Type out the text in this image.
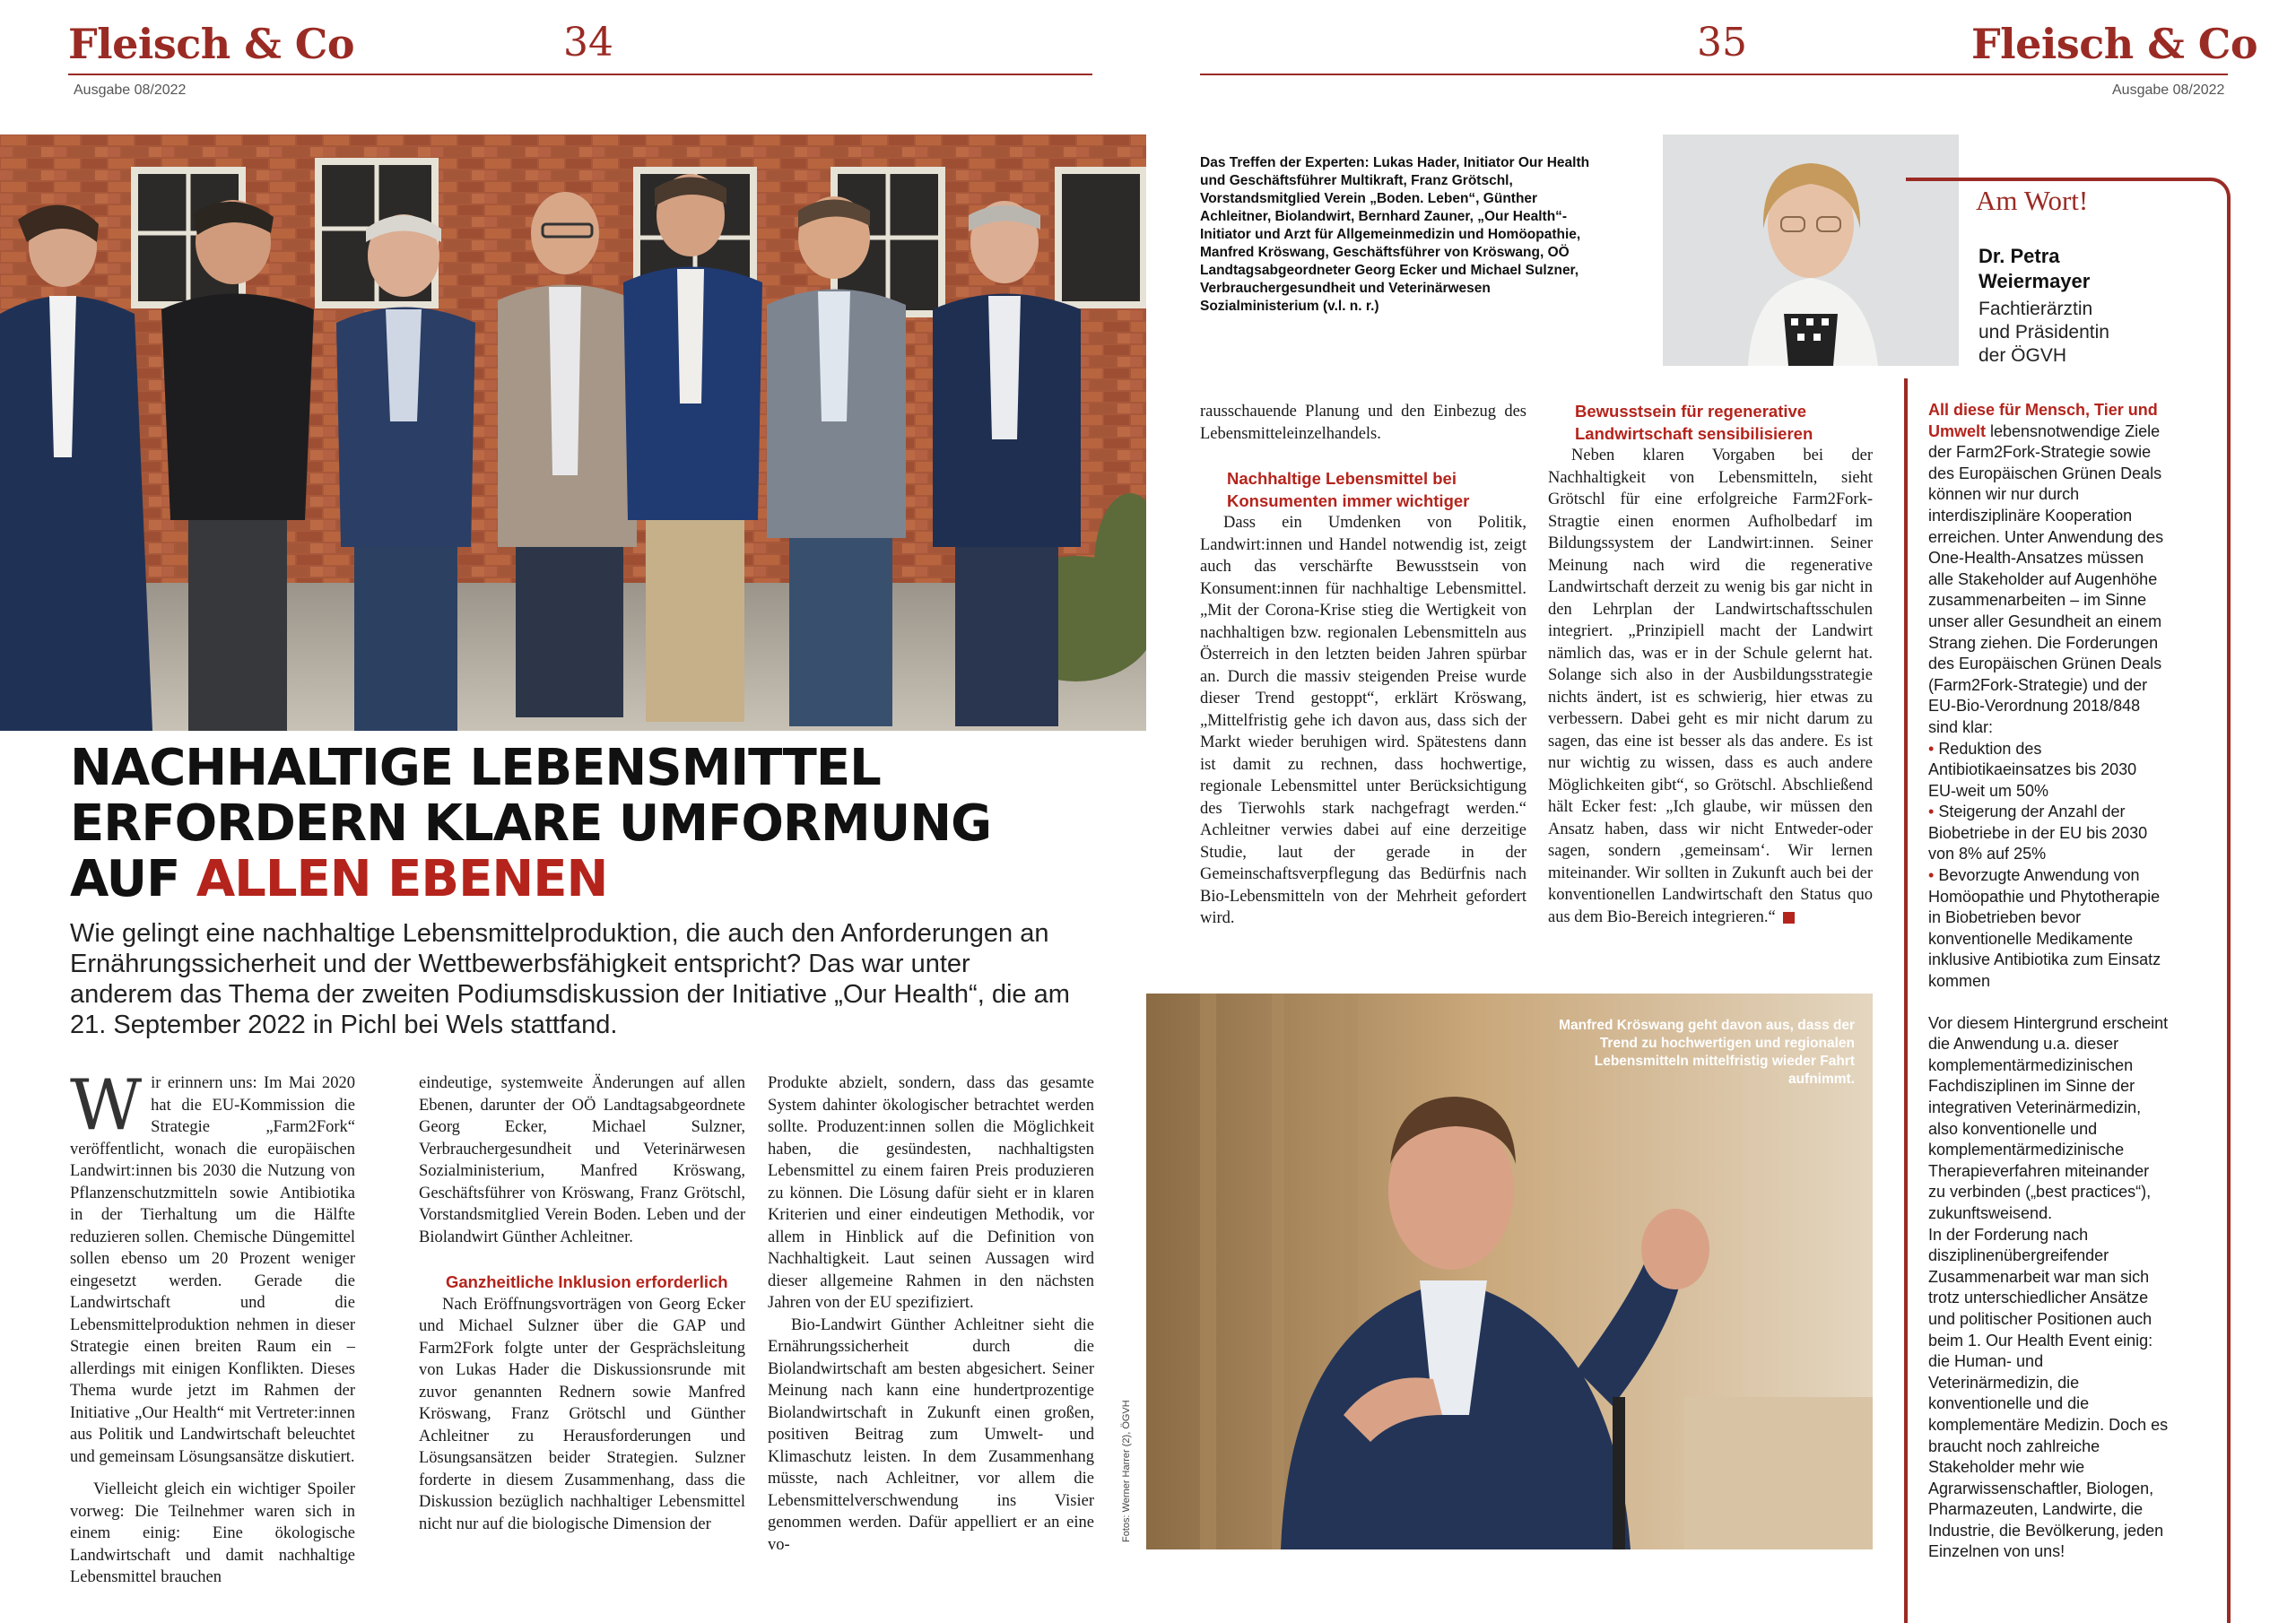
Fleisch & Co	34
Ausgabe 08/2022
35	Fleisch & Co
Ausgabe 08/2022
NACHHALTIGE LEBENSMITTEL
ERFORDERN KLARE UMFORMUNG
AUF ALLEN EBENEN
Wie gelingt eine nachhaltige Lebensmittelproduktion, die auch den Anforderungen an Ernährungssicherheit und der Wettbewerbsfähigkeit entspricht? Das war unter anderem das Thema der zweiten Podiumsdiskussion der Initiative „Our Health“, die am 21. September 2022 in Pichl bei Wels stattfand.

Wir erinnern uns: Im Mai 2020 hat die EU-Kommission die Strategie „Farm2Fork“ veröffentlicht, wonach die europäischen Landwirt:innen bis 2030 die Nutzung von Pflanzenschutzmitteln sowie Antibiotika in der Tierhaltung um die Hälfte reduzieren sollen. Chemische Düngemittel sollen ebenso um 20 Prozent weniger eingesetzt werden. Gerade die Landwirtschaft und die Lebensmittelproduktion nehmen in dieser Strategie einen breiten Raum ein – allerdings mit einigen Konflikten. Dieses Thema wurde jetzt im Rahmen der Initiative „Our Health“ mit Vertreter:innen aus Politik und Landwirtschaft beleuchtet und gemeinsam Lösungsansätze diskutiert.

Vielleicht gleich ein wichtiger Spoiler vorweg: Die Teilnehmer waren sich in einem einig: Eine ökologische Landwirtschaft und damit nachhaltige Lebensmittel brauchen

eindeutige, systemweite Änderungen auf allen Ebenen, darunter der OÖ Landtagsabgeordnete Georg Ecker, Michael Sulzner, Verbrauchergesundheit und Veterinärwesen Sozialministerium, Manfred Kröswang, Geschäftsführer von Kröswang, Franz Grötschl, Vorstandsmitglied Verein Boden. Leben und der Biolandwirt Günther Achleitner.

Ganzheitliche Inklusion erforderlich

Nach Eröffnungsvorträgen von Georg Ecker und Michael Sulzner über die GAP und Farm2Fork folgte unter der Gesprächsleitung von Lukas Hader die Diskussionsrunde mit zuvor genannten Rednern sowie Manfred Kröswang, Franz Grötschl und Günther Achleitner zu Herausforderungen und Lösungsansätzen beider Strategien. Sulzner forderte in diesem Zusammenhang, dass die Diskussion bezüglich nachhaltiger Lebensmittel nicht nur auf die biologische Dimension der

Produkte abzielt, sondern, dass das gesamte System dahinter ökologischer betrachtet werden sollte. Produzent:innen sollen die Möglichkeit haben, die gesündesten, nachhaltigsten Lebensmittel zu einem fairen Preis produzieren zu können. Die Lösung dafür sieht er in klaren Kriterien und einer eindeutigen Methodik, vor allem in Hinblick auf die Definition von Nachhaltigkeit. Laut seinen Aussagen wird dieser allgemeine Rahmen in den nächsten Jahren von der EU spezifiziert.

Bio-Landwirt Günther Achleitner sieht die Ernährungssicherheit durch die Biolandwirtschaft am besten abgesichert. Seiner Meinung nach kann eine hundertprozentige Biolandwirtschaft in Zukunft einen großen, positiven Beitrag zum Umwelt- und Klimaschutz leisten. In dem Zusammenhang müsste, nach Achleitner, vor allem die Lebensmittelverschwendung ins Visier genommen werden. Dafür appelliert er an eine vo-

Das Treffen der Experten: Lukas Hader, Initiator Our Health und Geschäftsführer Multikraft, Franz Grötschl, Vorstandsmitglied Verein „Boden. Leben“, Günther Achleitner, Biolandwirt, Bernhard Zauner, „Our Health“-Initiator und Arzt für Allgemeinmedizin und Homöopathie, Manfred Kröswang, Geschäftsführer von Kröswang, OÖ Landtagsabgeordneter Georg Ecker und Michael Sulzner, Verbrauchergesundheit und Veterinärwesen Sozialministerium (v.l. n. r.)
Am Wort!
Dr. Petra Weiermayer
Fachtierärztin und Präsidentin der ÖGVH

All diese für Mensch, Tier und Umwelt lebensnotwendige Ziele der Farm2Fork-Strategie sowie des Europäischen Grünen Deals können wir nur durch interdisziplinäre Kooperation erreichen. Unter Anwendung des One-Health-Ansatzes müssen alle Stakeholder auf Augenhöhe zusammenarbeiten – im Sinne unser aller Gesundheit an einem Strang ziehen. Die Forderungen des Europäischen Grünen Deals (Farm2Fork-Strategie) und der EU-Bio-Verordnung 2018/848 sind klar:

• Reduktion des Antibiotikaeinsatzes bis 2030 EU-weit um 50%

• Steigerung der Anzahl der Biobetriebe in der EU bis 2030 von 8% auf 25%

• Bevorzugte Anwendung von Homöopathie und Phytotherapie in Biobetrieben bevor konventionelle Medikamente inklusive Antibiotika zum Einsatz kommen

Vor diesem Hintergrund erscheint die Anwendung u.a. dieser komplementärmedizinischen Fachdisziplinen im Sinne der integrativen Veterinärmedizin, also konventionelle und komplementärmedizinische Therapieverfahren miteinander zu verbinden („best practices“), zukunftsweisend.

In der Forderung nach disziplinenübergreifender Zusammenarbeit war man sich trotz unterschiedlicher Ansätze und politischer Positionen auch beim 1. Our Health Event einig: die Human- und Veterinärmedizin, die konventionelle und die komplementäre Medizin. Doch es braucht noch zahlreiche Stakeholder mehr wie Agrarwissenschaftler, Biologen, Pharmazeuten, Landwirte, die Industrie, die Bevölkerung, jeden Einzelnen von uns!

rausschauende Planung und den Einbezug des Lebensmitteleinzelhandels.

Nachhaltige Lebensmittel bei Konsumenten immer wichtiger

Dass ein Umdenken von Politik, Landwirt:innen und Handel notwendig ist, zeigt auch das verschärfte Bewusstsein von Konsument:innen für nachhaltige Lebensmittel. „Mit der Corona-Krise stieg die Wertigkeit von nachhaltigen bzw. regionalen Lebensmitteln aus Österreich in den letzten beiden Jahren spürbar an. Durch die massiv steigenden Preise wurde dieser Trend gestoppt“, erklärt Kröswang, „Mittelfristig gehe ich davon aus, dass sich der Markt wieder beruhigen wird. Spätestens dann ist damit zu rechnen, dass hochwertige, regionale Lebensmittel unter Berücksichtigung des Tierwohls stark nachgefragt werden.“ Achleitner verwies dabei auf eine derzeitige Studie, laut der gerade in der Gemeinschaftsverpflegung das Bedürfnis nach Bio-Lebensmitteln von der Mehrheit gefordert wird.

Bewusstsein für regenerative Landwirtschaft sensibilisieren

Neben klaren Vorgaben bei der Nachhaltigkeit von Lebensmitteln, sieht Grötschl für eine erfolgreiche Farm2Fork-Stragtie einen enormen Aufholbedarf im Bildungssystem der Landwirt:innen. Seiner Meinung nach wird die regenerative Landwirtschaft derzeit zu wenig bis gar nicht in den Lehrplan der Landwirtschaftsschulen integriert. „Prinzipiell macht der Landwirt nämlich das, was er in der Schule gelernt hat. Solange sich also in der Ausbildungsstrategie nichts ändert, ist es schwierig, hier etwas zu verbessern. Dabei geht es mir nicht darum zu sagen, das eine ist besser als das andere. Es ist nur wichtig zu wissen, dass es auch andere Möglichkeiten gibt“, so Grötschl. Abschließend hält Ecker fest: „Ich glaube, wir müssen den Ansatz haben, dass wir nicht Entweder-oder sagen, sondern ‚gemeinsam‘. Wir lernen miteinander. Wir sollten in Zukunft auch bei der konventionellen Landwirtschaft den Status quo aus dem Bio-Bereich integrieren.“

Manfred Kröswang geht davon aus, dass der Trend zu hochwertigen und regionalen Lebensmitteln mittelfristig wieder Fahrt aufnimmt.
Fotos: Werner Harrer (2), ÖGVH
